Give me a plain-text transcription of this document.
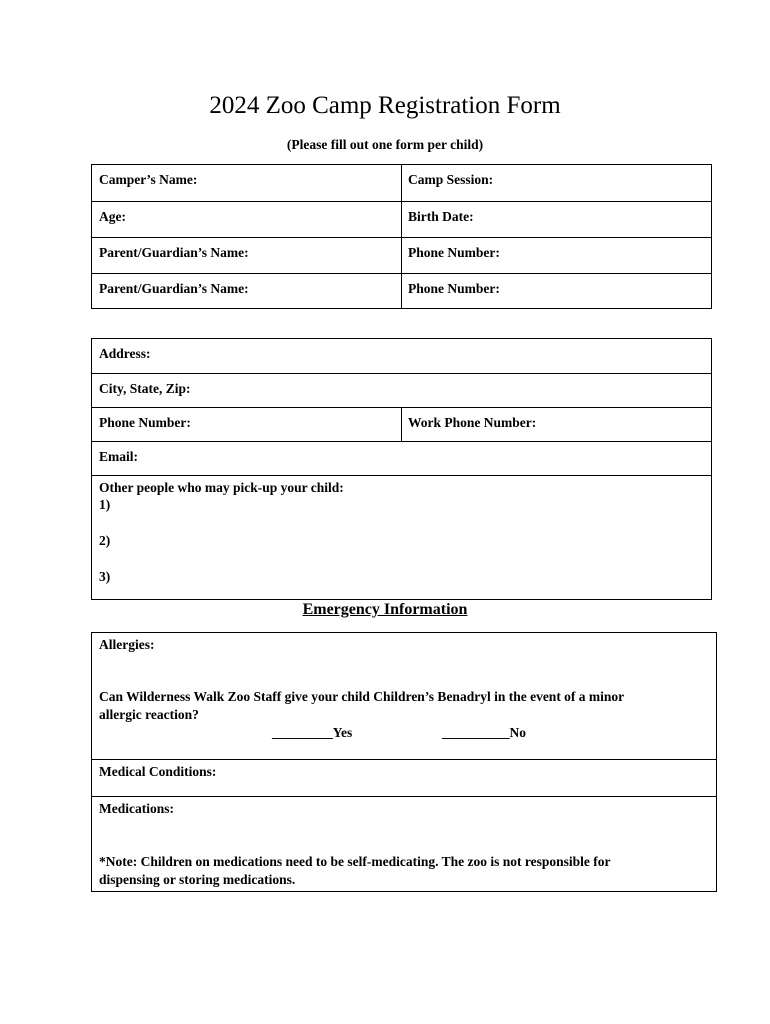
2024 Zoo Camp Registration Form
(Please fill out one form per child)
Camper’s Name:	Camp Session:
Age:	Birth Date:
Parent/Guardian’s Name:	Phone Number:
Parent/Guardian’s Name:	Phone Number:
Address:
City, State, Zip:
Phone Number:	Work Phone Number:
Email:
Other people who may pick-up your child:
1)
2)
3)
Emergency Information
Allergies:
Can Wilderness Walk Zoo Staff give your child Children’s Benadryl in the event of a minor
allergic reaction?
_________Yes	__________No
Medical Conditions:
Medications:
*Note: Children on medications need to be self-medicating. The zoo is not responsible for
dispensing or storing medications.
